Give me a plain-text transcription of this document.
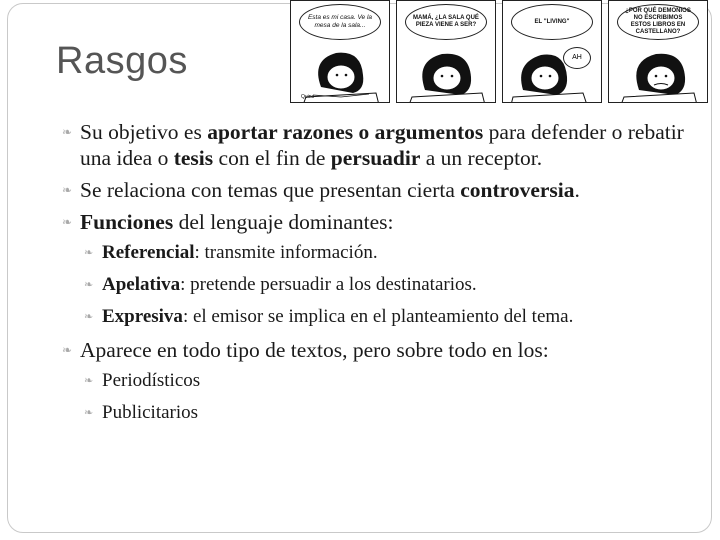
Rasgos
Esta es mi casa. Ve la mesa de la sala...
Quino
MAMÁ, ¿LA SALA QUÉ PIEZA VIENE A SER?
EL "LIVING"
AH
¿POR QUÉ DEMONIOS NO ESCRIBIMOS ESTOS LIBROS EN CASTELLANO?
❧ Su objetivo es aportar razones o argumentos para defender o rebatir una idea o tesis con el fin de persuadir a un receptor.
❧ Se relaciona con temas que presentan cierta controversia.
❧ Funciones del lenguaje dominantes:
❧ Referencial: transmite información.
❧ Apelativa: pretende persuadir a los destinatarios.
❧ Expresiva: el emisor se implica en el planteamiento del tema.
❧ Aparece en todo tipo de textos, pero sobre todo en los:
❧ Periodísticos
❧ Publicitarios
